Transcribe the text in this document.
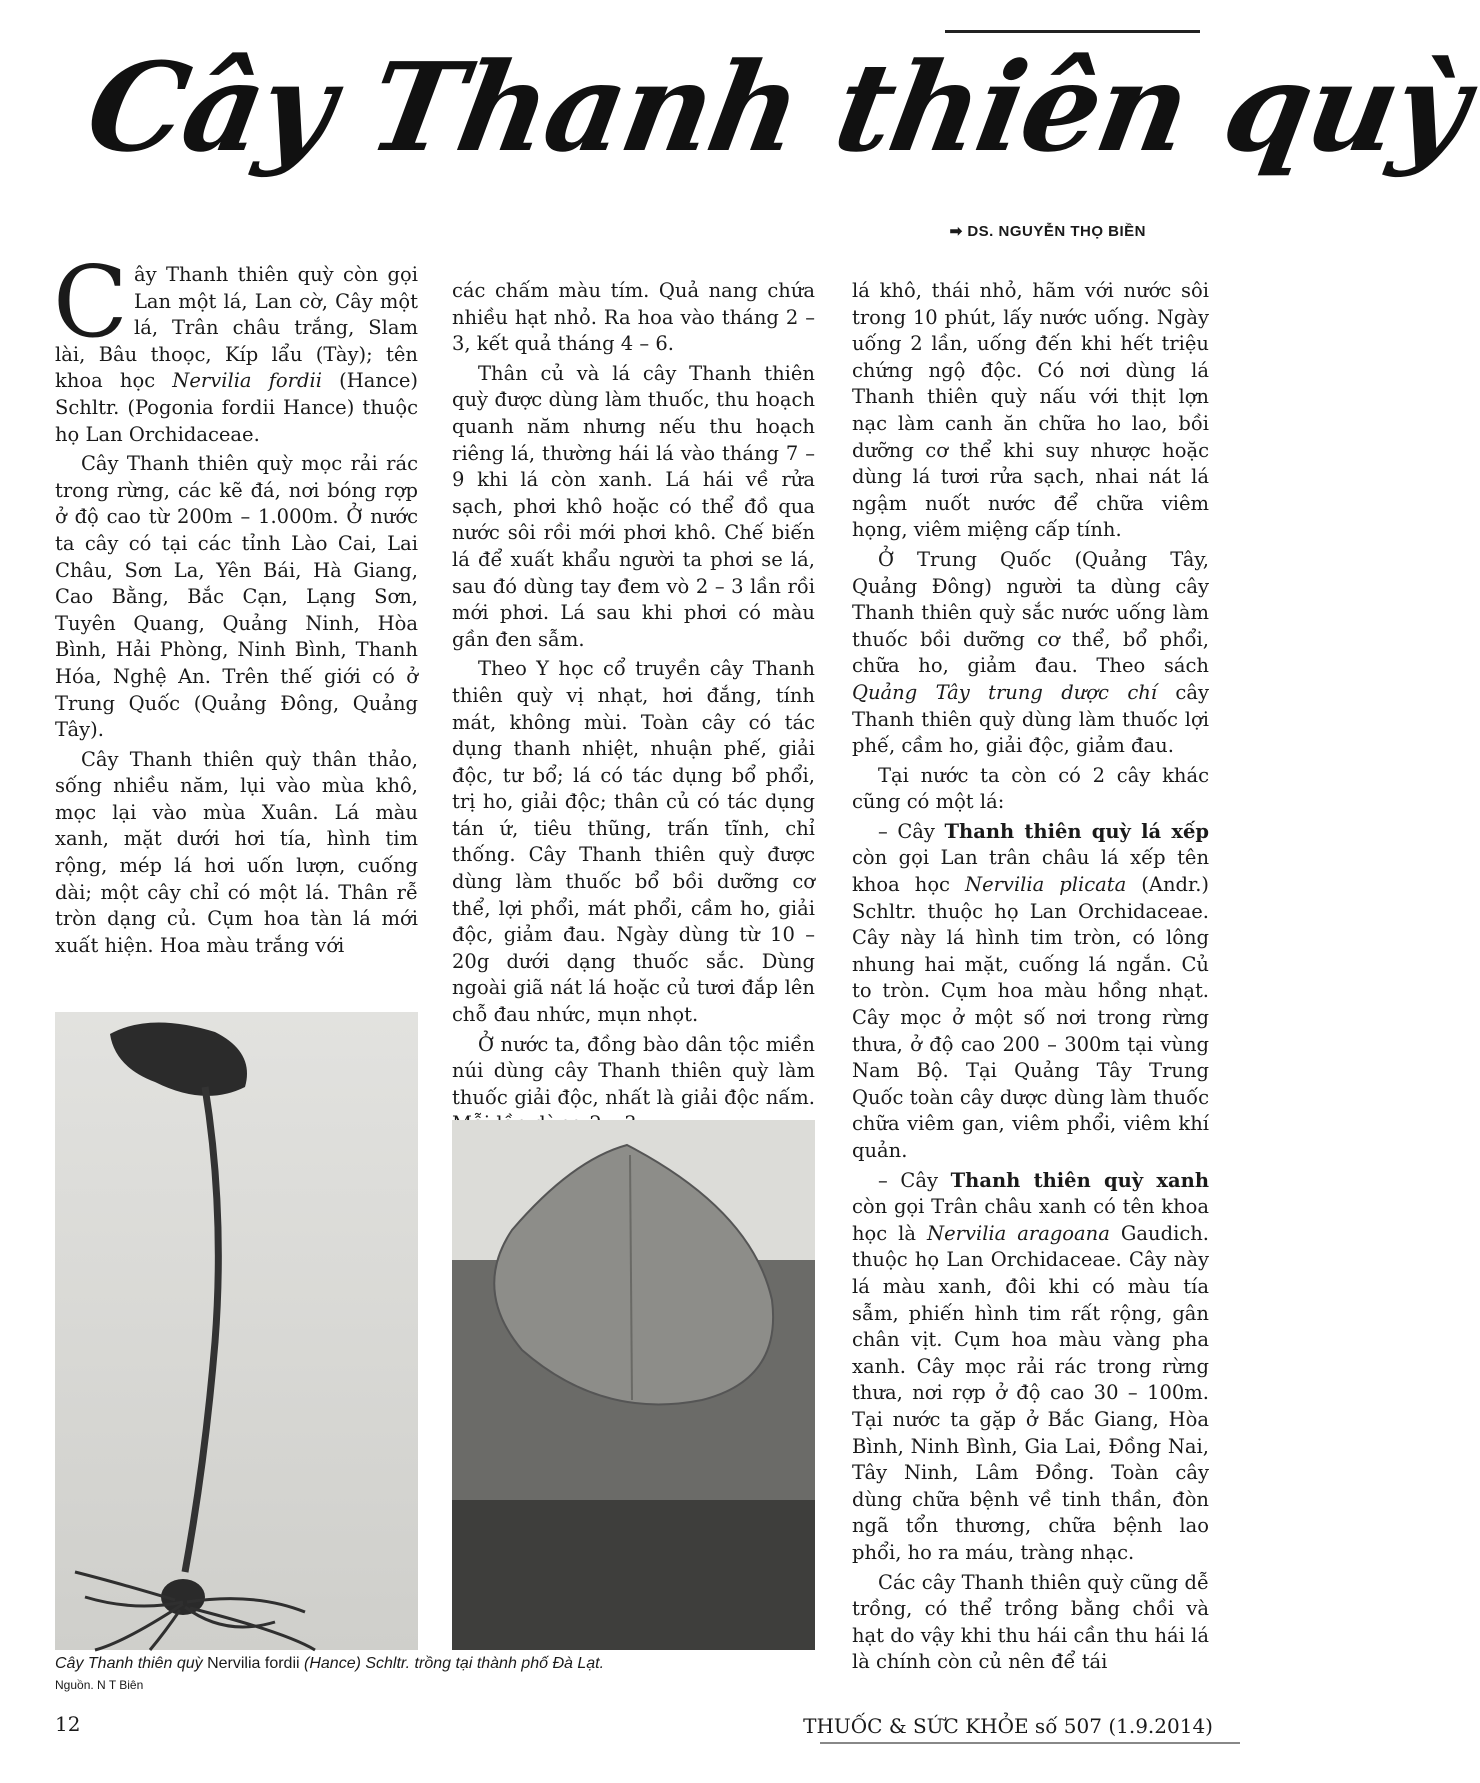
Cây Thanh thiên quỳ
➡ DS. NGUYỄN THỌ BIỀN

Cây Thanh thiên quỳ còn gọi Lan một lá, Lan cờ, Cây một lá, Trân châu trắng, Slam lài, Bâu thoọc, Kíp lẩu (Tày); tên khoa học Nervilia fordii (Hance) Schltr. (Pogonia fordii Hance) thuộc họ Lan Orchidaceae.

Cây Thanh thiên quỳ mọc rải rác trong rừng, các kẽ đá, nơi bóng rợp ở độ cao từ 200m – 1.000m. Ở nước ta cây có tại các tỉnh Lào Cai, Lai Châu, Sơn La, Yên Bái, Hà Giang, Cao Bằng, Bắc Cạn, Lạng Sơn, Tuyên Quang, Quảng Ninh, Hòa Bình, Hải Phòng, Ninh Bình, Thanh Hóa, Nghệ An. Trên thế giới có ở Trung Quốc (Quảng Đông, Quảng Tây).

Cây Thanh thiên quỳ thân thảo, sống nhiều năm, lụi vào mùa khô, mọc lại vào mùa Xuân. Lá màu xanh, mặt dưới hơi tía, hình tim rộng, mép lá hơi uốn lượn, cuống dài; một cây chỉ có một lá. Thân rễ tròn dạng củ. Cụm hoa tàn lá mới xuất hiện. Hoa màu trắng với

các chấm màu tím. Quả nang chứa nhiều hạt nhỏ. Ra hoa vào tháng 2 – 3, kết quả tháng 4 – 6.

Thân củ và lá cây Thanh thiên quỳ được dùng làm thuốc, thu hoạch quanh năm nhưng nếu thu hoạch riêng lá, thường hái lá vào tháng 7 – 9 khi lá còn xanh. Lá hái về rửa sạch, phơi khô hoặc có thể đồ qua nước sôi rồi mới phơi khô. Chế biến lá để xuất khẩu người ta phơi se lá, sau đó dùng tay đem vò 2 – 3 lần rồi mới phơi. Lá sau khi phơi có màu gần đen sẫm.

Theo Y học cổ truyền cây Thanh thiên quỳ vị nhạt, hơi đắng, tính mát, không mùi. Toàn cây có tác dụng thanh nhiệt, nhuận phế, giải độc, tư bổ; lá có tác dụng bổ phổi, trị ho, giải độc; thân củ có tác dụng tán ứ, tiêu thũng, trấn tĩnh, chỉ thống. Cây Thanh thiên quỳ được dùng làm thuốc bổ bồi dưỡng cơ thể, lợi phổi, mát phổi, cầm ho, giải độc, giảm đau. Ngày dùng từ 10 – 20g dưới dạng thuốc sắc. Dùng ngoài giã nát lá hoặc củ tươi đắp lên chỗ đau nhức, mụn nhọt.

Ở nước ta, đồng bào dân tộc miền núi dùng cây Thanh thiên quỳ làm thuốc giải độc, nhất là giải độc nấm.

lá khô, thái nhỏ, hãm với nước sôi trong 10 phút, lấy nước uống. Ngày uống 2 lần, uống đến khi hết triệu chứng ngộ độc. Có nơi dùng lá Thanh thiên quỳ nấu với thịt lợn nạc làm canh ăn chữa ho lao, bồi dưỡng cơ thể khi suy nhược hoặc dùng lá tươi rửa sạch, nhai nát lá ngậm nuốt nước để chữa viêm họng, viêm miệng cấp tính.

Ở Trung Quốc (Quảng Tây, Quảng Đông) người ta dùng cây Thanh thiên quỳ sắc nước uống làm thuốc bồi dưỡng cơ thể, bổ phổi, chữa ho, giảm đau. Theo sách Quảng Tây trung dược chí cây Thanh thiên quỳ dùng làm thuốc lợi phế, cầm ho, giải độc, giảm đau.

Tại nước ta còn có 2 cây khác cũng có một lá:

– Cây Thanh thiên quỳ lá xếp còn gọi Lan trân châu lá xếp tên khoa học Nervilia plicata (Andr.) Schltr. thuộc họ Lan Orchidaceae. Cây này lá hình tim tròn, có lông nhung hai mặt, cuống lá ngắn. Củ to tròn. Cụm hoa màu hồng nhạt. Cây mọc ở một số nơi trong rừng thưa, ở độ cao 200 – 300m tại vùng Nam Bộ. Tại Quảng Tây Trung Quốc toàn cây dược dùng làm thuốc chữa viêm gan, viêm phổi, viêm khí quản.

– Cây Thanh thiên quỳ xanh còn gọi Trân châu xanh có tên khoa học là Nervilia aragoana Gaudich. thuộc họ Lan Orchidaceae. Cây này lá màu xanh, đôi khi có màu tía sẫm, phiến hình tim rất rộng, gân chân vịt. Cụm hoa màu vàng pha xanh. Cây mọc rải rác trong rừng thưa, nơi rợp ở độ cao 30 – 100m. Tại nước ta gặp ở Bắc Giang, Hòa Bình, Ninh Bình, Gia Lai, Đồng Nai, Tây Ninh, Lâm Đồng. Toàn cây dùng chữa bệnh về tinh thần, đòn ngã tổn thương, chữa bệnh lao phổi, ho ra máu, tràng nhạc.

Các cây Thanh thiên quỳ cũng dễ trồng, có thể trồng bằng chồi và hạt do vậy khi thu hái cần thu hái lá là chính còn củ nên để tái

Cây Thanh thiên quỳ Nervilia fordii (Hance) Schltr. trồng tại thành phố Đà Lạt.
Nguồn. N T Biên
12	THUỐC & SỨC KHỎE số 507 (1.9.2014)
